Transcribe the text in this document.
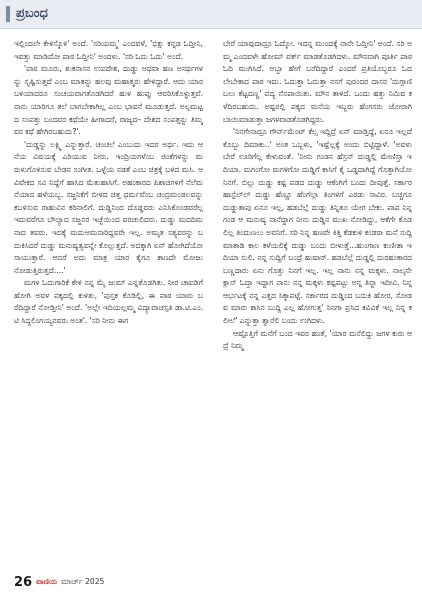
ಪ್ರಬಂಧ

ಇಲ್ಲಿಂದಲೇ ಕೇಳಿಸ್ಕೊಳಿ' ಅಂದೆ. 'ಸರಿಯಮ್ಮ' ಎಂದವಳೆ, 'ಭಿಕ್ಷು ಕನ್ನಡ ಓದ್ತೀನಿ, ಇವತ್ತು ಮಾಡಿದೋ ಪಾಠ ಓದ್ತೀನಿ' ಅಂದಳು. 'ಸರಿ ಓದು ಓದು' ಅಂದೆ.

'ಪಾಠ ಮೂರು, ಶುಕನಾಸನ ಉಪದೇಶ, ದುಡ್ಡು ಅಥವಾ ಹಣ ಅನರ್ಥಗಳನ್ನು ಸೃಷ್ಟಿಸುತ್ತದೆ ಎಂಬ ಮಾತನ್ನು ಹಲವು ಮಹಾತ್ಮರು ಹೇಳಿದ್ದಾರೆ. ಆದು ಯಾರ ಬಳಿಯಾದರೂ ಸಂಚಯವಾಗತೊಡಗಿದರೆ ಹುಳ ಹುಪ್ಪು ಆವರಿಸಿಕೊಳ್ಳುತ್ತವೆ. ನಾನು ಯಾರಿಗೂ ತಲೆ ಬಾಗಬೇಕಾಗಿಲ್ಲ ಎಂಬ ಭಾವನೆ ಮೂಡುತ್ತದೆ. ಅಲ್ಪಮಟ್ಟದ ಸಂಪತ್ತು ಬಂದವರ ಕಥೆಯೇ ಹೀಗಾದರೆ, ರಾಜ್ಯದ– ದೇಶದ ಸಂಪತ್ತನ್ನು ತಿಮ್ಮವರ ಕಥೆ ಹೇಗಿರಬಹುದು?'.

'ದುಡ್ಡನ್ನು ಲಕ್ಷ್ಮಿ ಎನ್ನುತ್ತಾರೆ. ಚಂಚಲೆ ಎಂಬುದು ಇದರ ಅರ್ಥ. ಇದು ಆನೆಯ ವಿಷಯಕ್ಕೆ ಎರಿಯುವ ನೀರು. ಇಂದ್ರಿಯಗಳೆಂಬ ಜಿಂಕೆಗಳನ್ನು ಮರುಳುಗೊಳಿಸುವ ಬೇಡನ ಸಂಗೀತ. ಒಳ್ಳೆಯ ನಡತೆ ಎಂಬ ಚಿತ್ರಕ್ಕೆ ಬಳಿದ ಮಸಿ. ಅವಿವೇಕದ ಸವಿ ನಿದ್ದೆಗೆ ಹಾಸಿದ ಮೆತುಹಾಸಿಗೆ. ಅಹಂಕಾರದ ಪಿಶಾಚಿಗಳಿಗೆ ನೆಲೆಮನೆಯಾದ ಹಳೆಯಬ್ಬ. ಸಜ್ಜನಿಕೆಗೆ ಬೀಳದ ಚಿತ್ತ ಧರ್ಮವೆಂಬ ಚಂದ್ರಮಂಡಲವನ್ನು ಕಬಳಿಸುವ ರಾಹುವಿನ ಕರಿನಾಲಿಗೆ. ದುಡ್ಡಿನಿಂದ ದೊಡ್ಡವರು ಎನಿಸಿಕೊಂಡವರೆಲ್ಲ ಇದುವರೆಗೂ ಬೌಲ್ಯಾದ ಸಜ್ಜನರ ಇಚ್ಛೆಯಿಂದ ಪರಚುಲಿದರು. ದುಡ್ಡು ಮದದಿಮನಾದ ತವರು. ಇದಕ್ಕೆ ಮದುಅಮನಾರಿದ್ದವರೇ ಇಲ್ಲ. ಅಮೃತ ಸತ್ಯವರನ್ನು ಬದುಕಿಸಿದರೆ ದುಡ್ಡು ಮನುಷ್ಯತ್ವವನ್ನೇ ಕೊಲ್ಲುತ್ತದೆ. ಅದಕ್ಕಾಗಿ ಏನ್ ಹೋಗಿದೆಯೋ ಸಾಯುತ್ತಾರೆ. ಆದರೆ ಅದು ಮಾತ್ರ ಯಾರ ಕೈಗೂ ಕಾಣದೇ ಮೋಜು ನೋಡುತ್ತಿರುತ್ತದೆ....'

ಮಗಳ ಓದುಗಾರಿಕೆ ಕೇಳಿ ನನ್ನ ಮೈ ಜುಮ್ ಎನ್ನತೊಡಗಿತು. ನೀರ ಚಾವಡಿಗೆ ಹೋಗಿ ಅವಳ ಪಕ್ಕದಲ್ಲಿ ಕುಳಿತು, 'ಪುಸ್ತಕ ಕೊಡಿಲ್ಲಿ, ಈ ಪಾಠ ಯಾರು ಬರೆದಿದ್ದಾರೆ ನೋಡ್ತೀನಿ' ಅಂದೆ. 'ಅಲ್ಲೇ ಇದಿಯಲ್ಲಮ್ಮ ವಿದ್ಯಾವಾಚಸ್ಪತಿ ಡಾ.ಟಿ.ಎಂ.ಟಿ ಸಿದ್ಧಲಿಂಗಯ್ಯನವರು ಅಂತ'. 'ಸರಿ ನೀನು ಈಗ

ಬೇರೆ ಯಾವುದಾದ್ರೂ ಓದ್ಕೋ. ಇದನ್ನ ಮುಂದಕ್ಕೆ ನಾನೇ ಓದ್ತೀನಿ' ಅಂದೆ. ಸರಿ ಅಮ್ಮ ಎಂದವಳೇ ಹೋಮ್ ವರ್ಕ್ ಮಾಡತೊಡಗಿದಳು. ಮೌನವಾಗಿ ಪೂರ್ತಿ ಪಾಠ ಓದಿ ಮುಗಿಸಿದೆ. ಅಬ್ಬಾ ಹೇಗೆ ಬರೆದಿದ್ದಾರೆ ಎಂದರೆ ಪ್ರತಿಯೊಬ್ಬರೂ ಓದಲೇಬೇಕಾದ ಪಾಠ ಇದು. ಓದುತ್ತಾ ಓದುತ್ತಾ ನನಗೆ ಪುರಂದರ ದಾಸರ 'ದುಗ್ಗಾಣಿ ಬಲು ಕೆಟ್ಟದಣ್ಣ' ಪದ್ಯ ನೆನಪಾಯಿತು. ಮೌನ ತಾಳಿದೆ. ಒಂದು ಹತ್ತು ನಿಮಿಷ ಕಳೆದಿರಬಹುದು. ಅಷ್ಟರಲ್ಲಿ ಪಕ್ಕದ ಮನೆಯ ಇಬ್ಬರು ಹೆಂಗಸರು ಜೋರಾಗಿ ಬಾಯಿಮಾಡುತ್ತಾ ಜಗಳವಾಡತೊಡಗಿದ್ದರು.

'ನಿನಗೇನಾದ್ರೂ ಗೌರ್ನ್‌ಮೆಂಟ್ ಕೆಲ್ಸ ಇದ್ದಿದ್ರೆ ಏನ್ ಮಾಡ್ತಿದ್ದೆ, ಏನೂ ಇಲ್ಲದೆ ಕೊಬ್ಬು ದಿಮಾಕು..' ಅಂತ ಒಬ್ಬಳು, 'ಇಷ್ಟೆಲ್ಲಕ್ಕೆ ಅಂದು ಬಿಟ್ಟಿದ್ದಾಳೆ. 'ಅವಳು ಬೇರೆ ಊರಿಗೆಲ್ಲ ಕೇಳುವಂತೆ. 'ನೀನು ಗಂಡನ ಹೆಸ್ರನ್ ದುಡ್ಡಲ್ಲಿ ಮೇಣಿಸ್ತಾ ಇದಿಯಾ. ಮಗಂಗೋ ಮಗಳಿಗೋ ದುಡ್ಡಿಗೆ ಕಾಸಿಗೆ ಕೈ ಒಡ್ಡದಾಗಿದ್ದೆ ಗೊತ್ತಾಗಿಯೋ ನಿನಗೆ. ಬಿಲ್ಲು ದುಡ್ಡು ಕಷ್ಟ ಪಡದ ದುಡ್ಡು ಆಕೆಂಗಿಗೆ ಬಂದು ದೀಪುತ್ತೆ. ಸರ್ಕಾರ ಹಾಸ್ಟೆಲ್‌ಲ್ ದುಡ್ಡು ಹೆಣ್ಣೂ ಹೆಂಗೆಲ್ಲಾ ತಿಂಗಳಿಗೆ ಎರಡು ಸಾವಿರ. ಬಚ್ಚಿಗೂ ದುಡ್ಡುತಾಪು ಏನೂ ಇಲ್ಲ, ಹಡಬೆಲ್ಲೆ ದುಡ್ಡು ತಿನ್ನಿತೂ ಯೇಗ ಬೇಕು. ಪಾಪ ನಿನ್ನ ಗಂಡ ಆ ಮನುಷ್ಯ ನಾನೆದ್ದಾಗ ನೀನು ದುಡ್ಡಿನ ಮುಖ ನೋಡಿದ್ದು, ಆಕೆಗೇ ಕೊಡಲಿಲ್ಲ ತಿಂದುಣಲು ಅವನಿಗೆ. ಸರಿ ನಿನ್ನ ಹಣವೇ ಕಿತ್ತಿ ಕೆಡಕುಳಿ ಕಂಡರಾ ಮನೆ ಸುದ್ದಿ ಮಾತಾಡಿ ಕಾಲ ಕಳೆಯಲಿಕ್ಕೆ ದುಡ್ಡು ಬಂದು ಬೀಳುತ್ತೆ...ಹುಂಗಾಣ ಕುಣೀತಾ ಇದಿಯಾ ಸುಲಿ. ನನ್ನ ಸುದ್ದಿಗೆ ಬಂದ್ರೆ ಹುಷಾರ್. ಹಡಬೆಲ್ಲೆ ದುಡ್ಡಲ್ಲಿ ದುರಹಂಕಾರದ ಬಣ್ಣದಾರು ಏನು ಗೊತ್ತು ನಿನಗೆ ಇಲ್ಲ. ಇಲ್ಲ ನಾನು ನನ್ನ ಮಕ್ಕಳು. ನಾಲ್ಕನೇ ಕ್ಲಾಸ್ ಓದ್ತಾ ಇದ್ದಾಗ ನಾನು ನನ್ನ ಮಕ್ಕಳು ಕಷ್ಟಪಟ್ಟು ಅನ್ನ ತಿನ್ನಾ ಇದೀವಿ. ನಿನ್ನ ಆರ್ಭಟಕ್ಕೆ ನನ್ನ ಎತ್ತದ ಸಿಕ್ಕಾಪಟ್ಟೆ. ಸರ್ಕಾರದ ದುಡ್ಡಿಂದ ಬದುಕಿ ಹೋರ, ಸೋಡವ ಮಾರು ಕಾಸಿನ ಬುದ್ದಿ ಎಲ್ಲ ಹೋಗುತ್ತ' ನಿನಗಾ ಪ್ರಸಿದ ಕವಿವಿಕೆ ಇಲ್ಲ ನಿನ್ನ ಕಲೀಲೆ' ಎನ್ನುತ್ತಾ ತ್ವಾರೆಲಿ ಬಂದು ಉಗಿದಳು.

ಆಷ್ಟೊತ್ತಿಗೆ ಮನೆಗೆ ಬಂದ ಇವರ ಹಂತೆ, 'ಯಾರ ಮನೆಲಿದ್ದು ಜಗಳ ಕುರು ಆದ್ರೆ ನಿಮ್ಮ

26 ವಾಣಿಯ ಮಾರ್ಚ್ 2025
